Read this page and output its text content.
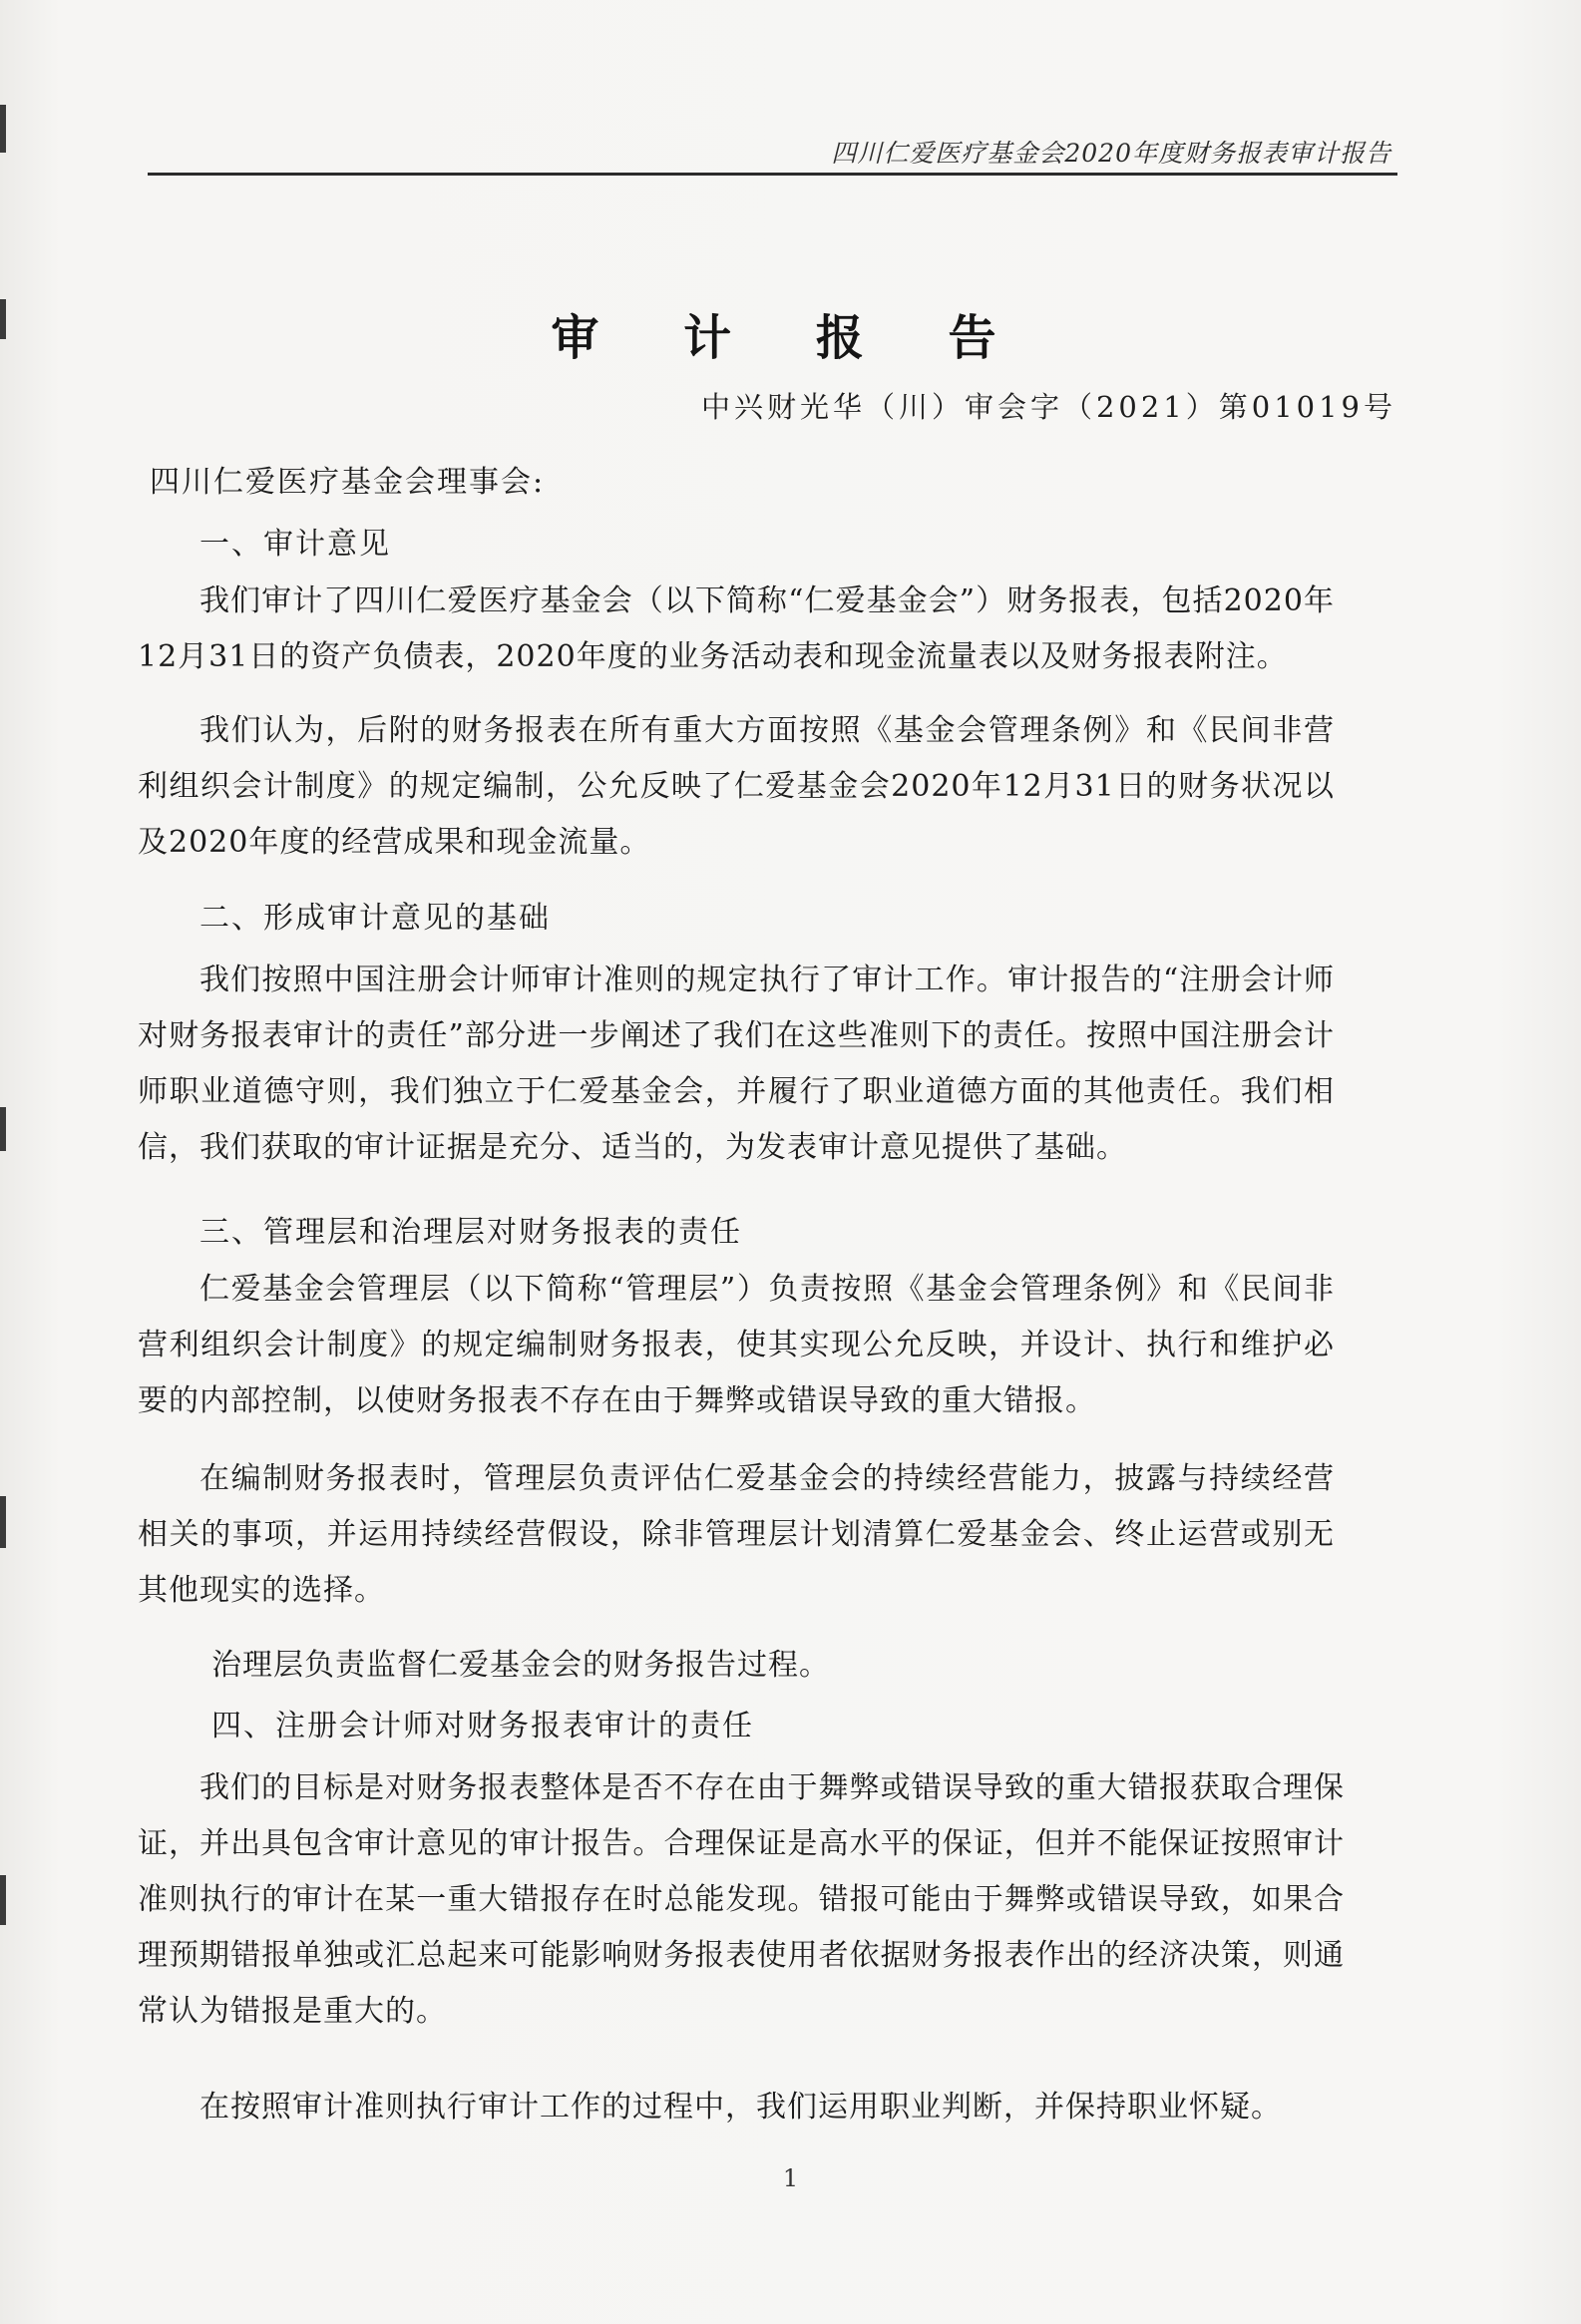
四川仁爱医疗基金会2020年度财务报表审计报告
审 计 报 告
中兴财光华（川）审会字（2021）第01019号
四川仁爱医疗基金会理事会:
一、审计意见
我们审计了四川仁爱医疗基金会（以下简称“仁爱基金会”）财务报表，包括2020年12月31日的资产负债表，2020年度的业务活动表和现金流量表以及财务报表附注。
我们认为，后附的财务报表在所有重大方面按照《基金会管理条例》和《民间非营利组织会计制度》的规定编制，公允反映了仁爱基金会2020年12月31日的财务状况以及2020年度的经营成果和现金流量。
二、形成审计意见的基础
我们按照中国注册会计师审计准则的规定执行了审计工作。审计报告的“注册会计师对财务报表审计的责任”部分进一步阐述了我们在这些准则下的责任。按照中国注册会计师职业道德守则，我们独立于仁爱基金会，并履行了职业道德方面的其他责任。我们相信，我们获取的审计证据是充分、适当的，为发表审计意见提供了基础。
三、管理层和治理层对财务报表的责任
仁爱基金会管理层（以下简称“管理层”）负责按照《基金会管理条例》和《民间非营利组织会计制度》的规定编制财务报表，使其实现公允反映，并设计、执行和维护必要的内部控制，以使财务报表不存在由于舞弊或错误导致的重大错报。
在编制财务报表时，管理层负责评估仁爱基金会的持续经营能力，披露与持续经营相关的事项，并运用持续经营假设，除非管理层计划清算仁爱基金会、终止运营或别无其他现实的选择。
治理层负责监督仁爱基金会的财务报告过程。
四、注册会计师对财务报表审计的责任
我们的目标是对财务报表整体是否不存在由于舞弊或错误导致的重大错报获取合理保证，并出具包含审计意见的审计报告。合理保证是高水平的保证，但并不能保证按照审计准则执行的审计在某一重大错报存在时总能发现。错报可能由于舞弊或错误导致，如果合理预期错报单独或汇总起来可能影响财务报表使用者依据财务报表作出的经济决策，则通常认为错报是重大的。
在按照审计准则执行审计工作的过程中，我们运用职业判断，并保持职业怀疑。
1
